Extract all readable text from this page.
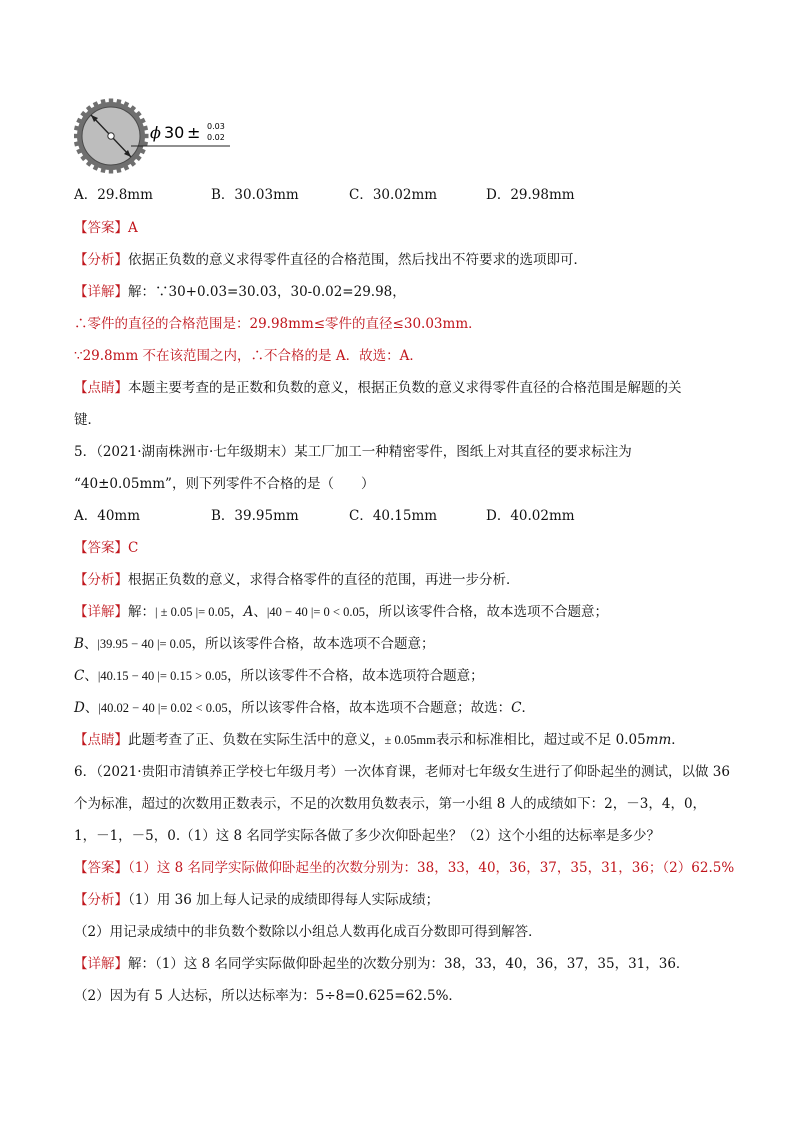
ϕ 30 ± 0.03
0.02
A．29.8mm	B．30.03mm	C．30.02mm	D．29.98mm
【答案】A
【分析】依据正负数的意义求得零件直径的合格范围，然后找出不符要求的选项即可．
【详解】解：∵30+0.03=30.03，30-0.02=29.98，
∴零件的直径的合格范围是：29.98mm≤零件的直径≤30.03mm．
∵29.8mm 不在该范围之内，∴不合格的是 A．故选：A．
【点睛】本题主要考查的是正数和负数的意义，根据正负数的意义求得零件直径的合格范围是解题的关
键．
5．（2021·湖南株洲市·七年级期末）某工厂加工一种精密零件，图纸上对其直径的要求标注为
“40±0.05mm”，则下列零件不合格的是（　　）
A．40mm	B．39.95mm	C．40.15mm	D．40.02mm
【答案】C
【分析】根据正负数的意义，求得合格零件的直径的范围，再进一步分析．
【详解】解：| ± 0.05 |= 0.05，A、|40 − 40 |= 0 < 0.05，所以该零件合格，故本选项不合题意；
B、|39.95 − 40 |= 0.05，所以该零件合格，故本选项不合题意；
C、|40.15 − 40 |= 0.15 > 0.05，所以该零件不合格，故本选项符合题意；
D、|40.02 − 40 |= 0.02 < 0.05，所以该零件合格，故本选项不合题意；故选：C．
【点睛】此题考查了正、负数在实际生活中的意义，± 0.05mm表示和标准相比，超过或不足 0.05mm．
6．（2021·贵阳市清镇养正学校七年级月考）一次体育课，老师对七年级女生进行了仰卧起坐的测试，以做 36
个为标准，超过的次数用正数表示，不足的次数用负数表示，第一小组 8 人的成绩如下：2，－3，4，0，
1，－1，－5，0.（1）这 8 名同学实际各做了多少次仰卧起坐？（2）这个小组的达标率是多少？
【答案】（1）这 8 名同学实际做仰卧起坐的次数分别为：38，33，40，36，37，35，31，36；（2）62.5%
【分析】（1）用 36 加上每人记录的成绩即得每人实际成绩；
（2）用记录成绩中的非负数个数除以小组总人数再化成百分数即可得到解答．
【详解】解：（1）这 8 名同学实际做仰卧起坐的次数分别为：38，33，40，36，37，35，31，36．
（2）因为有 5 人达标，所以达标率为：5÷8=0.625=62.5%．
